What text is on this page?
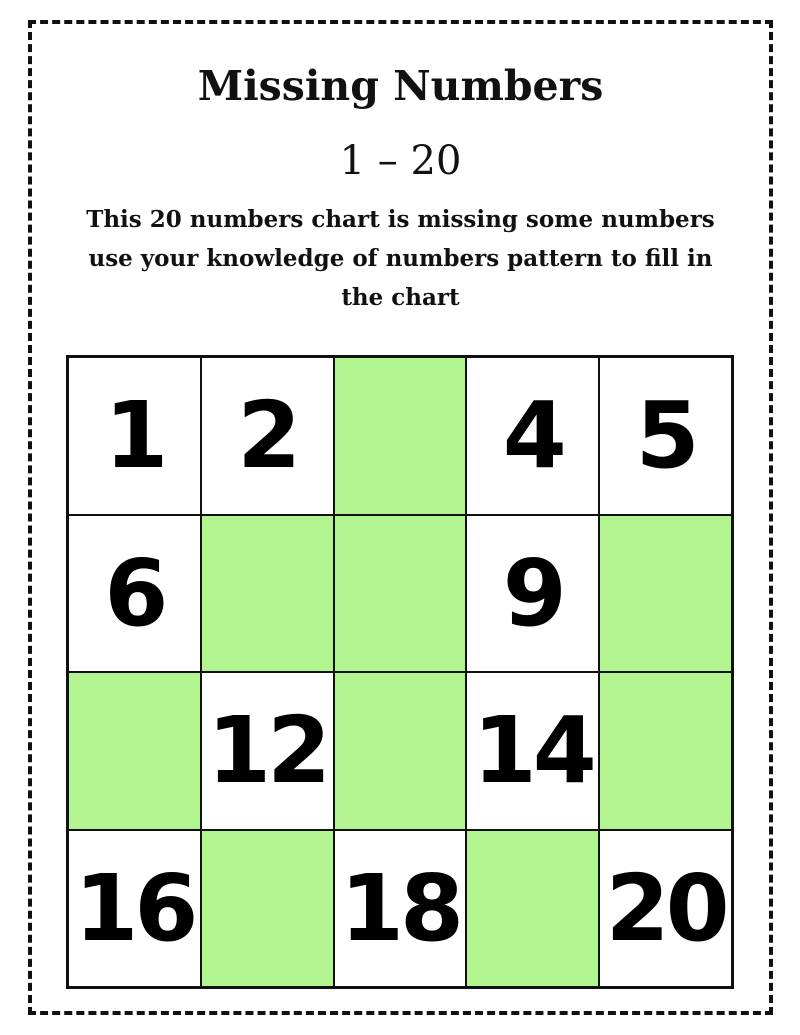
Missing Numbers
1 – 20
This 20 numbers chart is missing some numbers use your knowledge of numbers pattern to fill in the chart
1 2	4 5
6	9
12 14
16 18 20
